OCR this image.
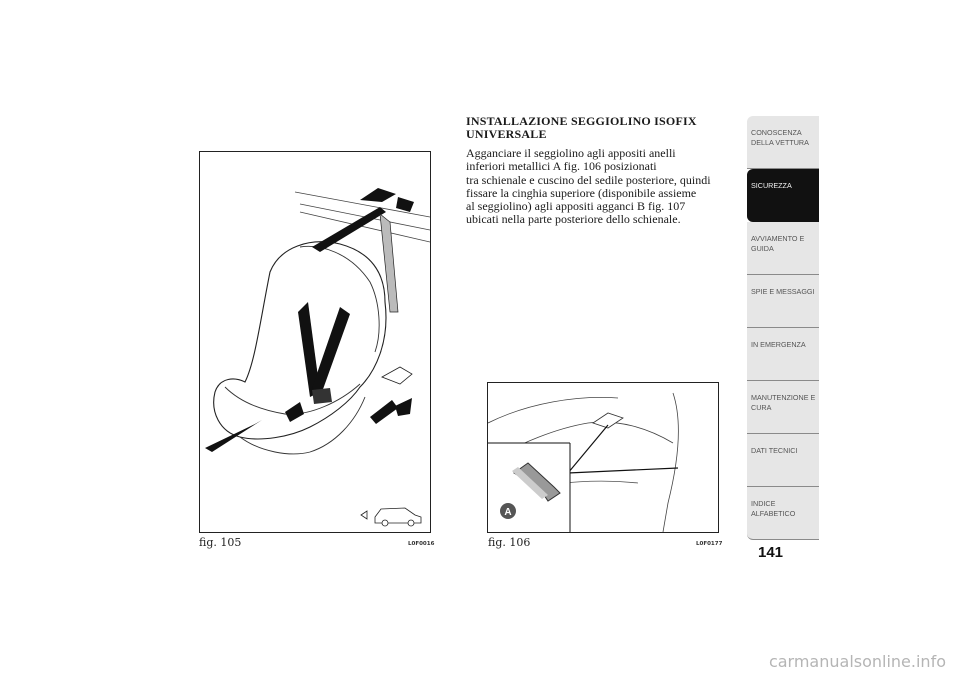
fig. 105	L0F0016
INSTALLAZIONE SEGGIOLINO ISOFIX UNIVERSALE

Agganciare il seggiolino agli appositi anelli
inferiori metallici A fig. 106 posizionati
tra schienale e cuscino del sedile posteriore, quindi
fissare la cinghia superiore (disponibile assieme
al seggiolino) agli appositi agganci B fig. 107
ubicati nella parte posteriore dello schienale.

A
fig. 106	L0F0177
CONOSCENZA
DELLA VETTURA
SICUREZZA
AVVIAMENTO E
GUIDA
SPIE E MESSAGGI
IN EMERGENZA
MANUTENZIONE E
CURA
DATI TECNICI
INDICE
ALFABETICO
141
carmanualsonline.info
